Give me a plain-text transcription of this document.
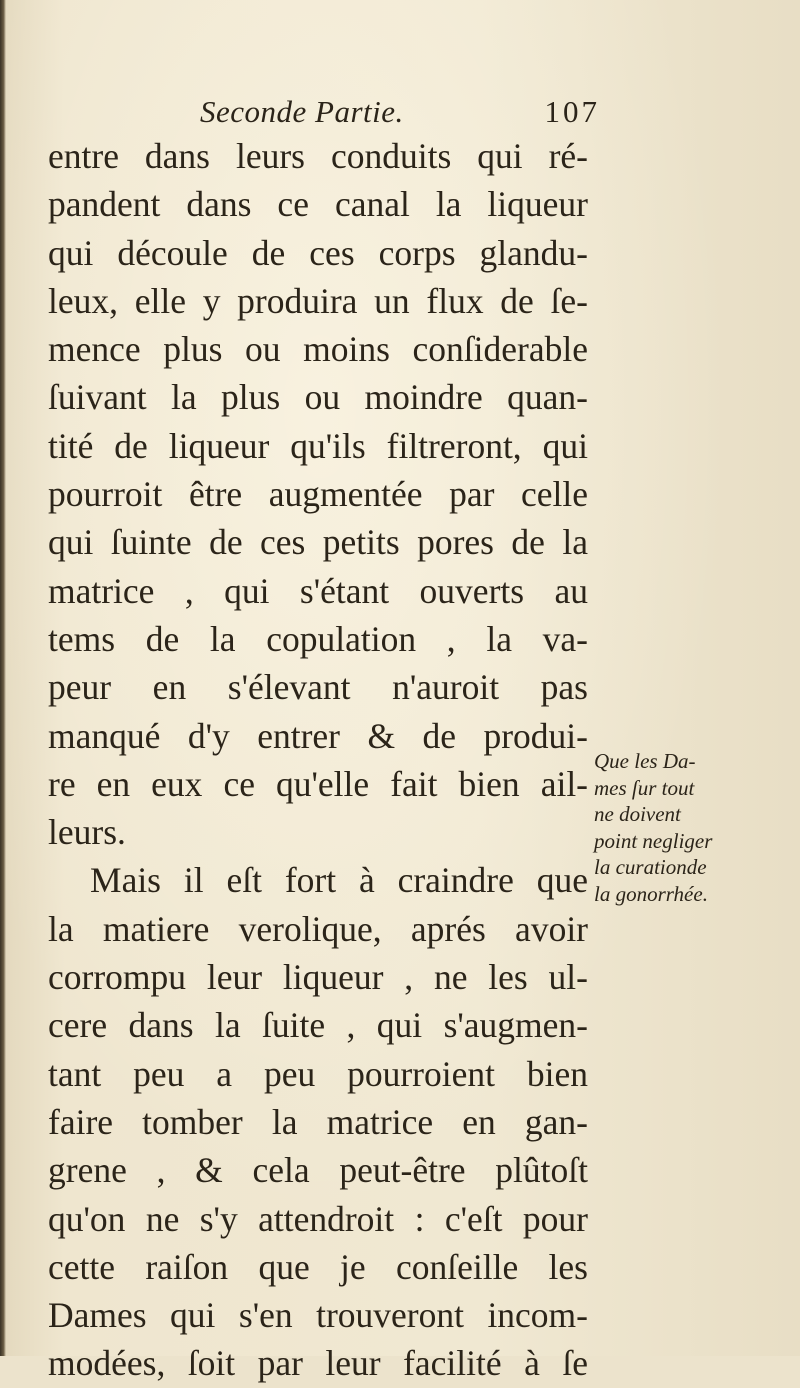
Seconde Partie.	107
entre dans leurs conduits qui ré-
pandent dans ce canal la liqueur
qui découle de ces corps glandu-
leux, elle y produira un flux de ſe-
mence plus ou moins conſiderable
ſuivant la plus ou moindre quan-
tité de liqueur qu'ils filtreront, qui
pourroit être augmentée par celle
qui ſuinte de ces petits pores de la
matrice , qui s'étant ouverts au
tems de la copulation , la va-
peur en s'élevant n'auroit pas
manqué d'y entrer & de produi-
re en eux ce qu'elle fait bien ail-
leurs.
Mais il eſt fort à craindre que
la matiere verolique, aprés avoir
corrompu leur liqueur , ne les ul-
cere dans la ſuite , qui s'augmen-
tant peu a peu pourroient bien
faire tomber la matrice en gan-
grene , & cela peut-être plûtoſt
qu'on ne s'y attendroit : c'eſt pour
cette raiſon que je conſeille les
Dames qui s'en trouveront incom-
modées, ſoit par leur facilité à ſe
Que les Da-
mes ſur tout
ne doivent
point negliger
la curationde
la gonorrhée.
